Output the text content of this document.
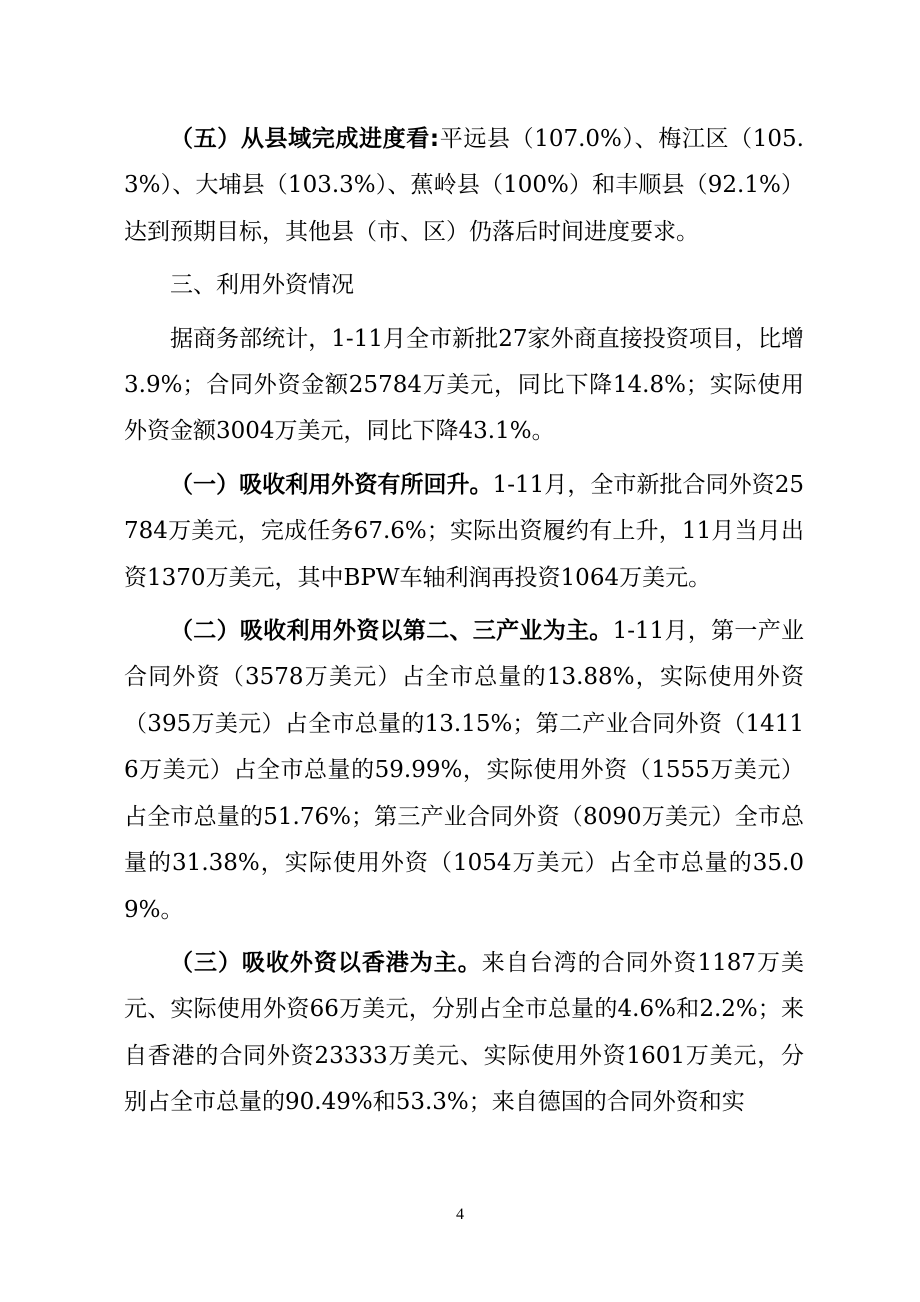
（五）从县域完成进度看:平远县（107.0%）、梅江区（105.3%）、大埔县（103.3%）、蕉岭县（100%）和丰顺县（92.1%）达到预期目标，其他县（市、区）仍落后时间进度要求。

三、利用外资情况

据商务部统计，1-11月全市新批27家外商直接投资项目，比增3.9%；合同外资金额25784万美元，同比下降14.8%；实际使用外资金额3004万美元，同比下降43.1%。

（一）吸收利用外资有所回升。1-11月，全市新批合同外资25784万美元，完成任务67.6%；实际出资履约有上升，11月当月出资1370万美元，其中BPW车轴利润再投资1064万美元。

（二）吸收利用外资以第二、三产业为主。1-11月，第一产业合同外资（3578万美元）占全市总量的13.88%，实际使用外资（395万美元）占全市总量的13.15%；第二产业合同外资（14116万美元）占全市总量的59.99%，实际使用外资（1555万美元）占全市总量的51.76%；第三产业合同外资（8090万美元）全市总量的31.38%，实际使用外资（1054万美元）占全市总量的35.09%。

（三）吸收外资以香港为主。来自台湾的合同外资1187万美元、实际使用外资66万美元，分别占全市总量的4.6%和2.2%；来自香港的合同外资23333万美元、实际使用外资1601万美元，分别占全市总量的90.49%和53.3%；来自德国的合同外资和实

4
